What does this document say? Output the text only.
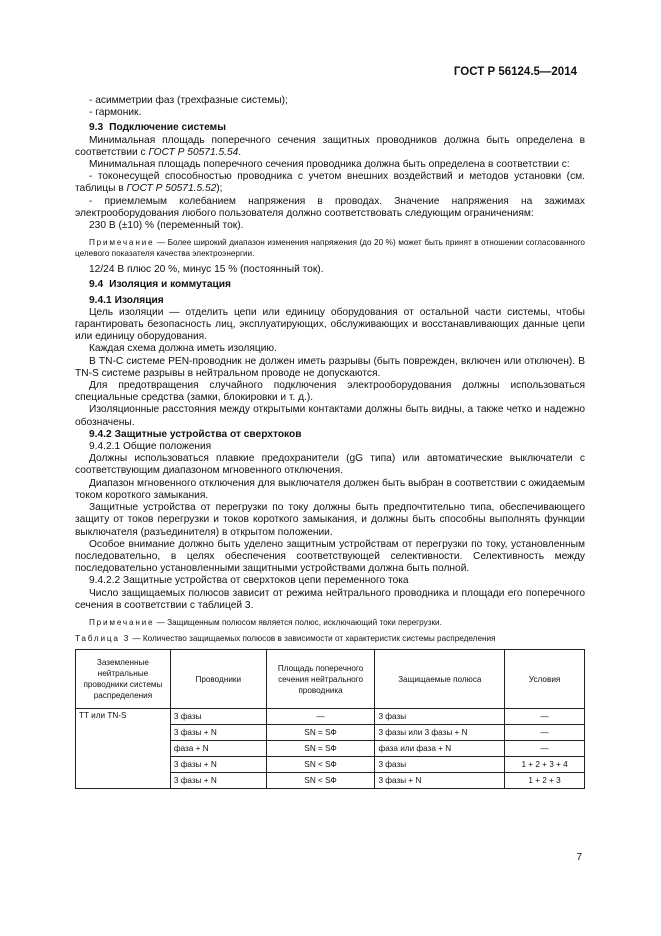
ГОСТ Р 56124.5—2014

- асимметрии фаз (трехфазные системы);

- гармоник.

9.3 Подключение системы

Минимальная площадь поперечного сечения защитных проводников должна быть определена в соответствии с ГОСТ Р 50571.5.54.

Минимальная площадь поперечного сечения проводника должна быть определена в соответствии с:

- токонесущей способностью проводника с учетом внешних воздействий и методов установки (см. таблицы в ГОСТ Р 50571.5.52);

- приемлемым колебанием напряжения в проводах. Значение напряжения на зажимах электрооборудования любого пользователя должно соответствовать следующим ограничениям:

230 В (±10) % (переменный ток).

Примечание — Более широкий диапазон изменения напряжения (до 20 %) может быть принят в отношении согласованного целевого показателя качества электроэнергии.

12/24 В плюс 20 %, минус 15 % (постоянный ток).

9.4 Изоляция и коммутация

9.4.1 Изоляция

Цель изоляции — отделить цепи или единицу оборудования от остальной части системы, чтобы гарантировать безопасность лиц, эксплуатирующих, обслуживающих и восстанавливающих данные цепи или единицу оборудования.

Каждая схема должна иметь изоляцию.

В TN-C системе PEN-проводник не должен иметь разрывы (быть поврежден, включен или отключен). В TN-S системе разрывы в нейтральном проводе не допускаются.

Для предотвращения случайного подключения электрооборудования должны использоваться специальные средства (замки, блокировки и т. д.).

Изоляционные расстояния между открытыми контактами должны быть видны, а также четко и надежно обозначены.

9.4.2 Защитные устройства от сверхтоков

9.4.2.1 Общие положения

Должны использоваться плавкие предохранители (gG типа) или автоматические выключатели с соответствующим диапазоном мгновенного отключения.

Диапазон мгновенного отключения для выключателя должен быть выбран в соответствии с ожидаемым током короткого замыкания.

Защитные устройства от перегрузки по току должны быть предпочтительно типа, обеспечивающего защиту от токов перегрузки и токов короткого замыкания, и должны быть способны выполнять функции выключателя (разъединителя) в открытом положении.

Особое внимание должно быть уделено защитным устройствам от перегрузки по току, установленным последовательно, в целях обеспечения соответствующей селективности. Селективность между последовательно установленными защитными устройствами должна быть полной.

9.4.2.2 Защитные устройства от сверхтоков цепи переменного тока

Число защищаемых полюсов зависит от режима нейтрального проводника и площади его поперечного сечения в соответствии с таблицей 3.

Примечание — Защищенным полюсом является полюс, исключающий токи перегрузки.

Таблица 3 — Количество защищаемых полюсов в зависимости от характеристик системы распределения

Заземленные нейтральные проводники системы распределения	Проводники	Площадь поперечного сечения нейтрального проводника	Защищаемые полюса	Условия
TT или TN-S	3 фазы	—	3 фазы	—
	3 фазы + N	SN = SФ	3 фазы или 3 фазы + N	—
	фаза + N	SN = SФ	фаза или фаза + N	—
	3 фазы + N	SN < SФ	3 фазы	1 + 2 + 3 + 4
	3 фазы + N	SN < SФ	3 фазы + N	1 + 2 + 3
7
